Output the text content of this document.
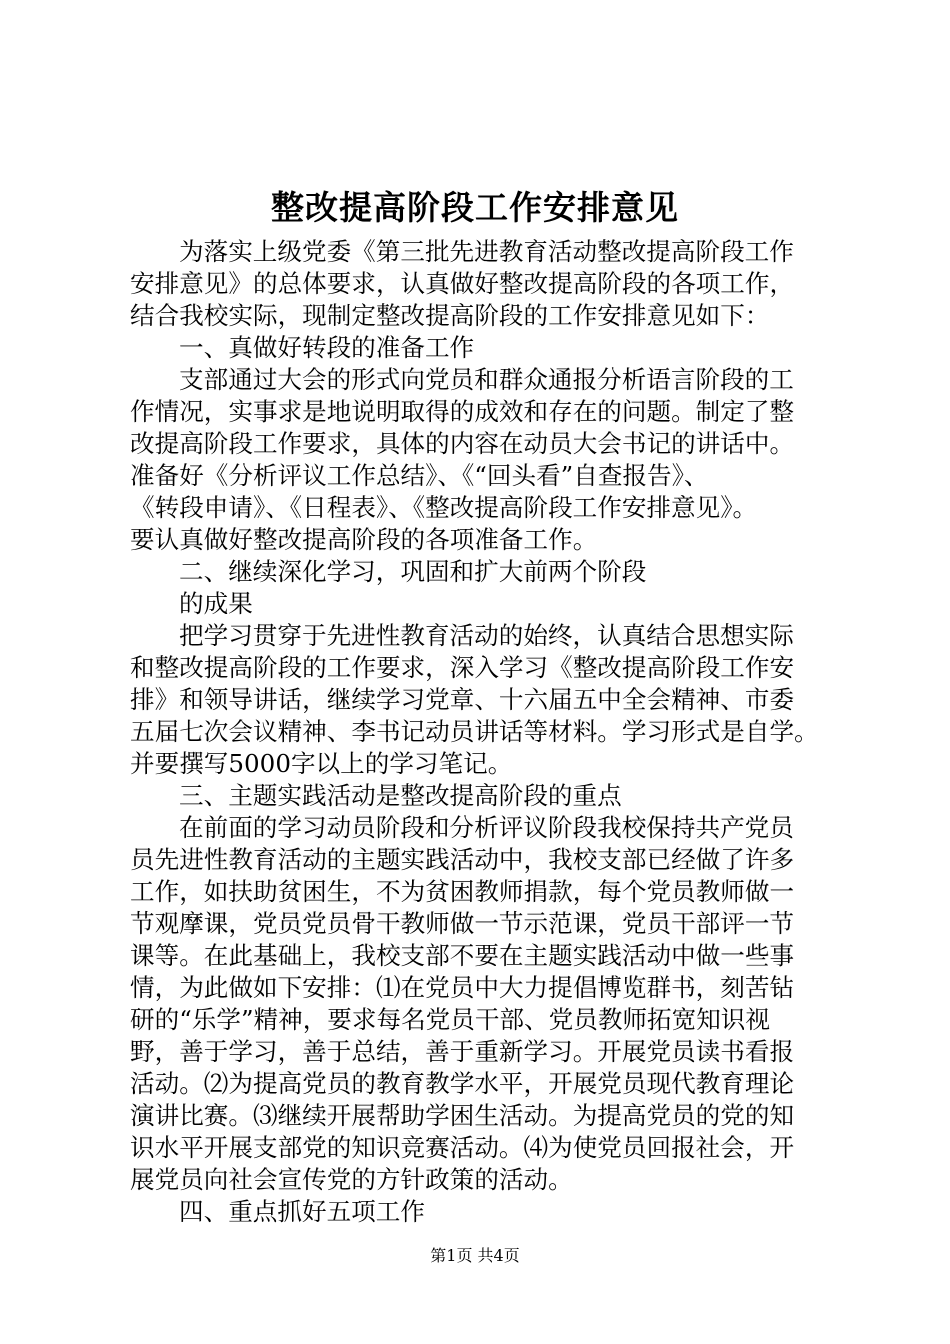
整改提高阶段工作安排意见
为落实上级党委《第三批先进教育活动整改提高阶段工作
安排意见》的总体要求，认真做好整改提高阶段的各项工作，
结合我校实际，现制定整改提高阶段的工作安排意见如下：
一、真做好转段的准备工作
支部通过大会的形式向党员和群众通报分析语言阶段的工
作情况，实事求是地说明取得的成效和存在的问题。制定了整
改提高阶段工作要求，具体的内容在动员大会书记的讲话中。
准备好《分析评议工作总结》、《“回头看”自查报告》、
《转段申请》、《日程表》、《整改提高阶段工作安排意见》。
要认真做好整改提高阶段的各项准备工作。
二、继续深化学习，巩固和扩大前两个阶段
的成果
把学习贯穿于先进性教育活动的始终，认真结合思想实际
和整改提高阶段的工作要求，深入学习《整改提高阶段工作安
排》和领导讲话，继续学习党章、十六届五中全会精神、市委
五届七次会议精神、李书记动员讲话等材料。学习形式是自学。
并要撰写5000字以上的学习笔记。
三、主题实践活动是整改提高阶段的重点
在前面的学习动员阶段和分析评议阶段我校保持共产党员
员先进性教育活动的主题实践活动中，我校支部已经做了许多
工作，如扶助贫困生，不为贫困教师捐款，每个党员教师做一
节观摩课，党员党员骨干教师做一节示范课，党员干部评一节
课等。在此基础上，我校支部不要在主题实践活动中做一些事
情，为此做如下安排：⑴在党员中大力提倡博览群书，刻苦钻
研的“乐学”精神，要求每名党员干部、党员教师拓宽知识视
野，善于学习，善于总结，善于重新学习。开展党员读书看报
活动。⑵为提高党员的教育教学水平，开展党员现代教育理论
演讲比赛。⑶继续开展帮助学困生活动。为提高党员的党的知
识水平开展支部党的知识竞赛活动。⑷为使党员回报社会，开
展党员向社会宣传党的方针政策的活动。
四、重点抓好五项工作
第1页 共4页
